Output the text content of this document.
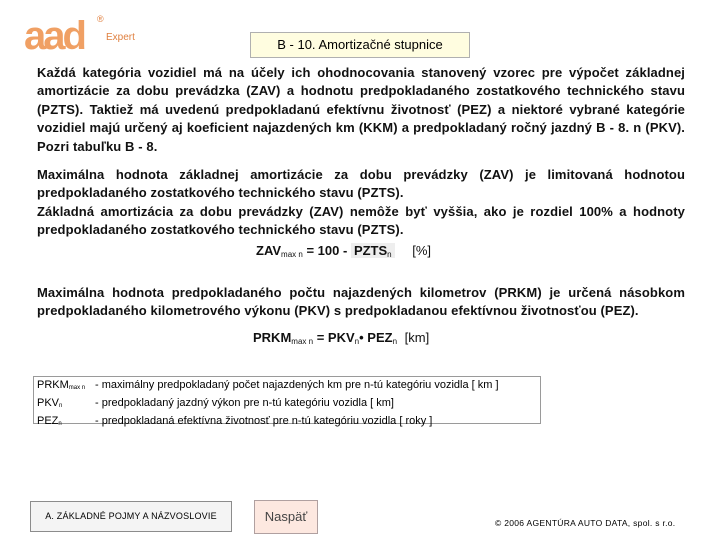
aad ®
Expert	B - 10. Amortizačné stupnice
Každá kategória vozidiel má na účely ich ohodnocovania stanovený vzorec pre výpočet základnej amortizácie za dobu prevádzka (ZAV) a hodnotu predpokladaného zostatkového technického stavu (PZTS). Taktiež má uvedenú predpokladanú efektívnu životnosť (PEZ) a niektoré vybrané kategórie vozidiel majú určený aj koeficient najazdených km (KKM) a predpokladaný ročný jazdný B - 8. n (PKV). Pozri tabuľku B - 8.
Maximálna hodnota základnej amortizácie za dobu prevádzky (ZAV) je limitovaná hodnotou predpokladaného zostatkového technického stavu (PZTS).
Základná amortizácia za dobu prevádzky (ZAV) nemôže byť vyššia, ako je rozdiel 100% a hodnoty predpokladaného zostatkového technického stavu (PZTS).
$ZAV_{max n} = 100$ - $PZTS_n$ [%]
Maximálna hodnota predpokladaného počtu najazdených kilometrov (PRKM) je určená násobkom predpokladaného kilometrového výkonu (PKV) s predpokladanou efektívnou životnosťou (PEZ).
$PRKM_{max n}$ = $PKV_n•$ $PEZ_n$ [km]
$PRKM_{max n}$ - maximálny predpokladaný počet najazdených km pre n-tú kategóriu vozidla [ km ]
$PKV_n$	- predpokladaný jazdný výkon pre n-tú kategóriu vozidla [ km]
$PEZ_n$	- predpokladaná efektívna životnosť pre n-tú kategóriu vozidla [ roky ]
A. ZÁKLADNÉ POJMY A NÁZVOSLOVIE	Naspäť	© 2006 AGENTÚRA AUTO DATA, spol. s r.o.
